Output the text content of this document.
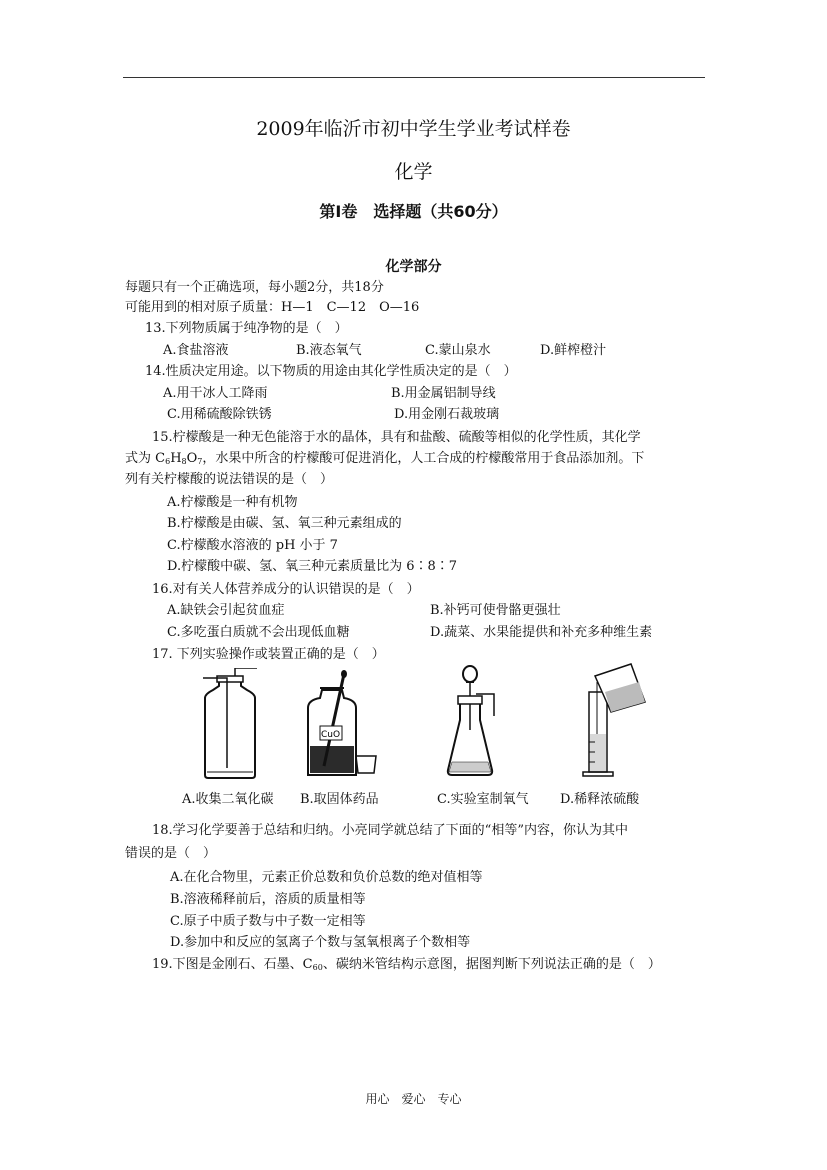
2009年临沂市初中学生学业考试样卷
化学
第Ⅰ卷　选择题（共60分）
化学部分
每题只有一个正确选项，每小题2分，共18分
可能用到的相对原子质量：H—1　C—12　O—16
13.下列物质属于纯净物的是（　）
A.食盐溶液	B.液态氧气	C.蒙山泉水	D.鲜榨橙汁
14.性质决定用途。以下物质的用途由其化学性质决定的是（　）
A.用干冰人工降雨	B.用金属铝制导线
C.用稀硫酸除铁锈	D.用金刚石裁玻璃
15.柠檬酸是一种无色能溶于水的晶体，具有和盐酸、硫酸等相似的化学性质，其化学
式为 $C_6H_8O_7$，水果中所含的柠檬酸可促进消化，人工合成的柠檬酸常用于食品添加剂。下
列有关柠檬酸的说法错误的是（　）
A.柠檬酸是一种有机物
B.柠檬酸是由碳、氢、氧三种元素组成的
C.柠檬酸水溶液的 pH 小于 7
D.柠檬酸中碳、氢、氧三种元素质量比为 6∶8∶7
16.对有关人体营养成分的认识错误的是（　）
A.缺铁会引起贫血症	B.补钙可使骨骼更强壮
C.多吃蛋白质就不会出现低血糖	D.蔬菜、水果能提供和补充多种维生素
17. 下列实验操作或装置正确的是（　）
CuO
A.收集二氧化碳 B.取固体药品	C.实验室制氧气 D.稀释浓硫酸
18.学习化学要善于总结和归纳。小亮同学就总结了下面的“相等”内容，你认为其中
错误的是（　）
A.在化合物里，元素正价总数和负价总数的绝对值相等
B.溶液稀释前后，溶质的质量相等
C.原子中质子数与中子数一定相等
D.参加中和反应的氢离子个数与氢氧根离子个数相等
19.下图是金刚石、石墨、$C_{60}$、碳纳米管结构示意图，据图判断下列说法正确的是（　）
用心　爱心　专心
